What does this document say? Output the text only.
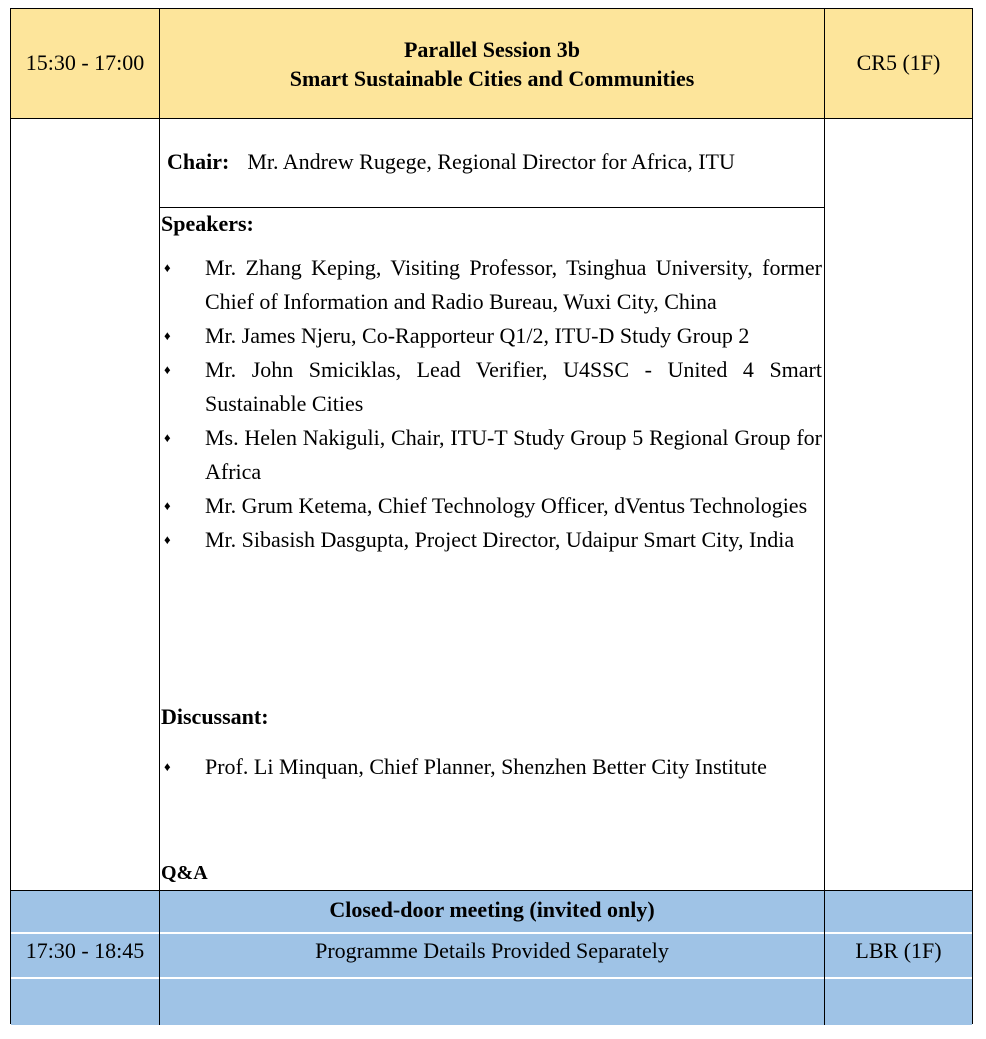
15:30 - 17:00
Parallel Session 3b
Smart Sustainable Cities and Communities
CR5 (1F)
Chair: Mr. Andrew Rugege, Regional Director for Africa, ITU
Speakers:
♦ Mr. Zhang Keping, Visiting Professor, Tsinghua University, former Chief of Information and Radio Bureau, Wuxi City, China
♦ Mr. James Njeru, Co-Rapporteur Q1/2, ITU-D Study Group 2
♦ Mr. John Smiciklas, Lead Verifier, U4SSC - United 4 Smart Sustainable Cities
♦ Ms. Helen Nakiguli, Chair, ITU-T Study Group 5 Regional Group for Africa
♦ Mr. Grum Ketema, Chief Technology Officer, dVentus Technologies
♦ Mr. Sibasish Dasgupta, Project Director, Udaipur Smart City, India
Discussant:
♦ Prof. Li Minquan, Chief Planner, Shenzhen Better City Institute
Q&A
17:30 - 18:45
Closed-door meeting (invited only)
Programme Details Provided Separately	LBR (1F)
